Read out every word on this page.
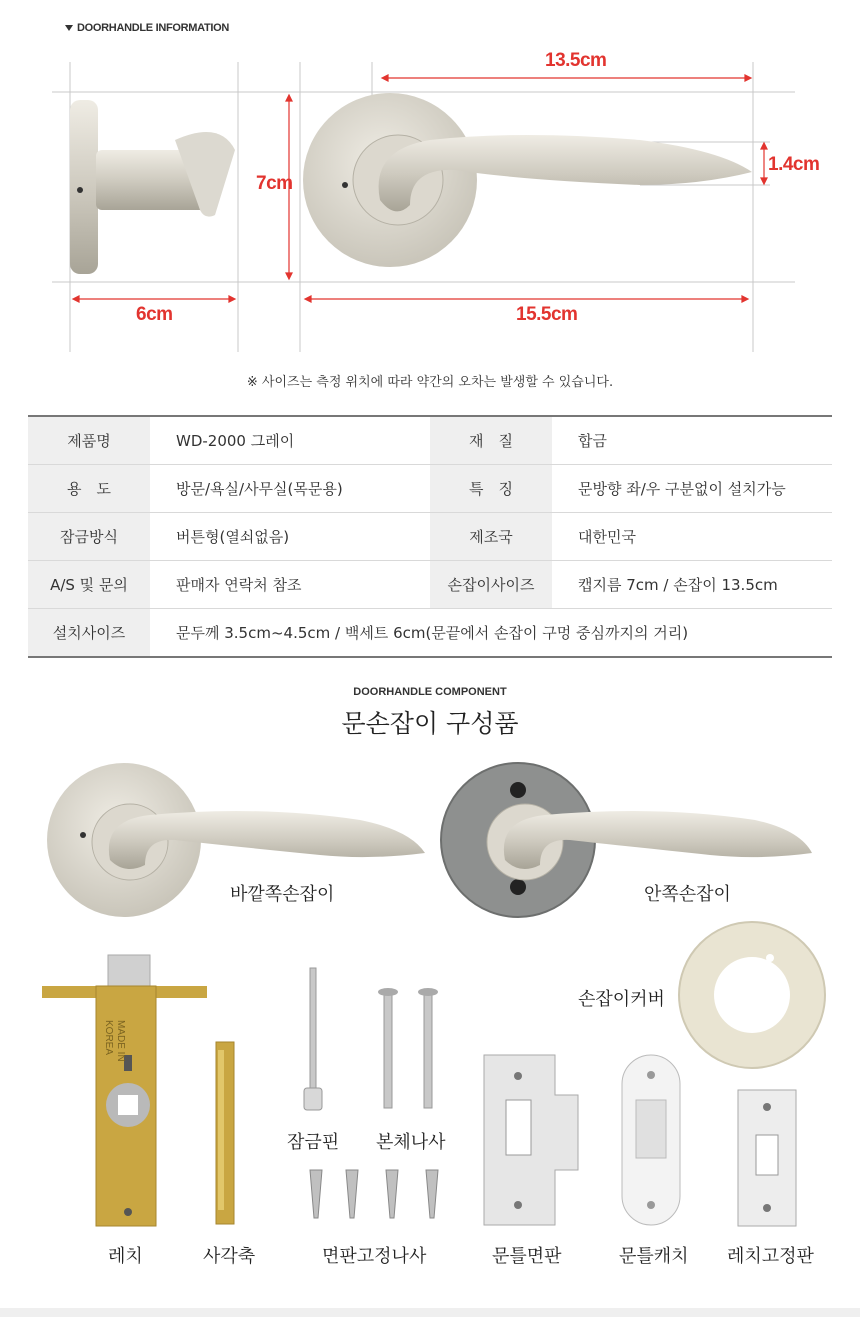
DOORHANDLE INFORMATION
13.5cm
7cm
1.4cm
6cm	15.5cm
※ 사이즈는 측정 위치에 따라 약간의 오차는 발생할 수 있습니다.
제품명	WD-2000 그레이	재　질	합금
용　도	방문/욕실/사무실(목문용)	특　징	문방향 좌/우 구분없이 설치가능
잠금방식	버튼형(열쇠없음)	제조국	대한민국
A/S 및 문의	판매자 연락처 참조	손잡이사이즈	캡지름 7cm / 손잡이 13.5cm
설치사이즈	문두께 3.5cm~4.5cm / 백세트 6cm(문끝에서 손잡이 구멍 중심까지의 거리)		
DOORHANDLE COMPONENT
문손잡이 구성품
MADE IN
KOREA
바깥쪽손잡이	안쪽손잡이
손잡이커버
레치	사각축
잠금핀 본체나사
면판고정나사	문틀면판	문틀캐치 레치고정판
